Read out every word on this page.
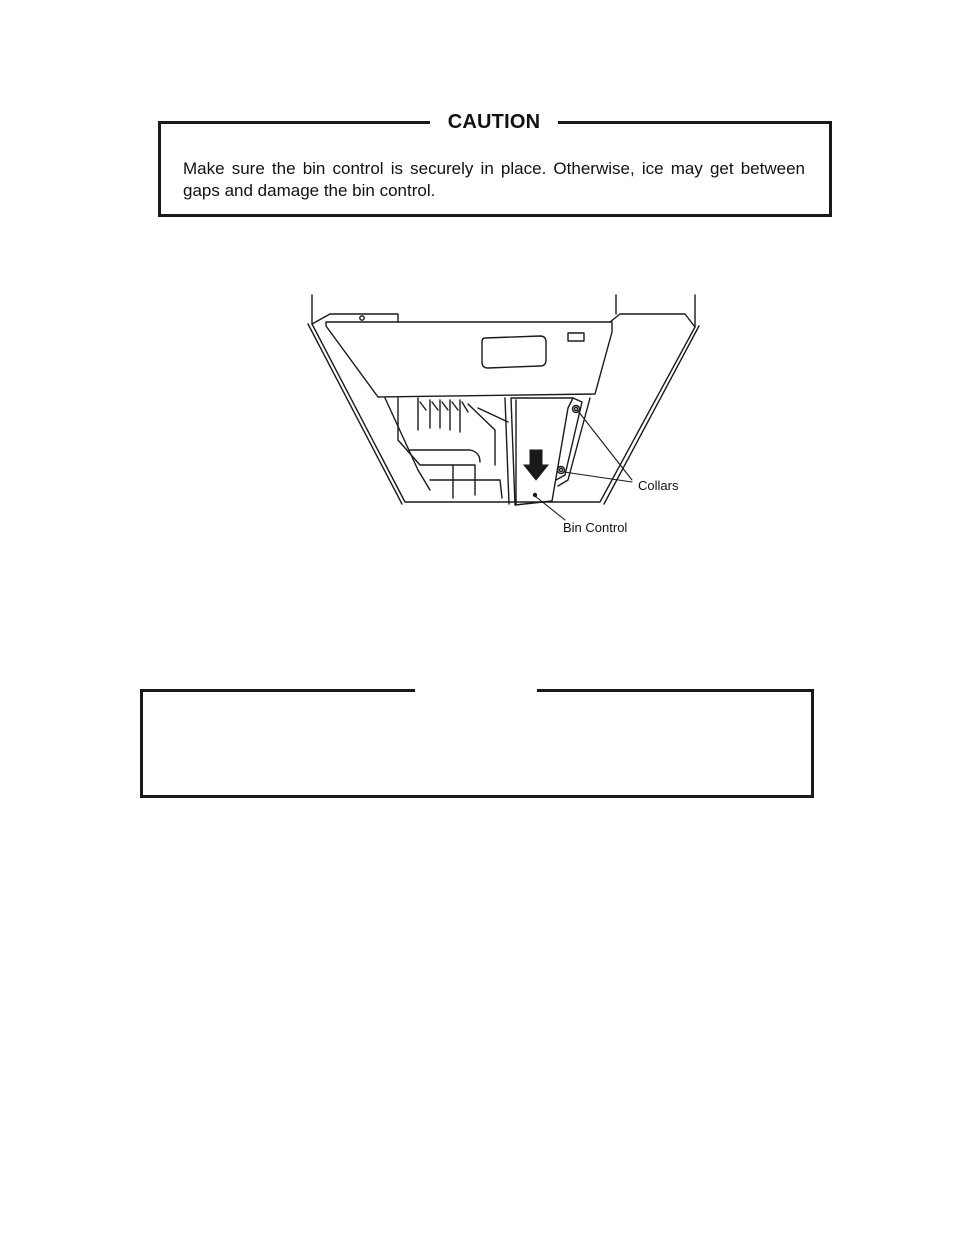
CAUTION

Make sure the bin control is securely in place. Otherwise, ice may get between gaps and damage the bin control.

Collars
Bin Control
